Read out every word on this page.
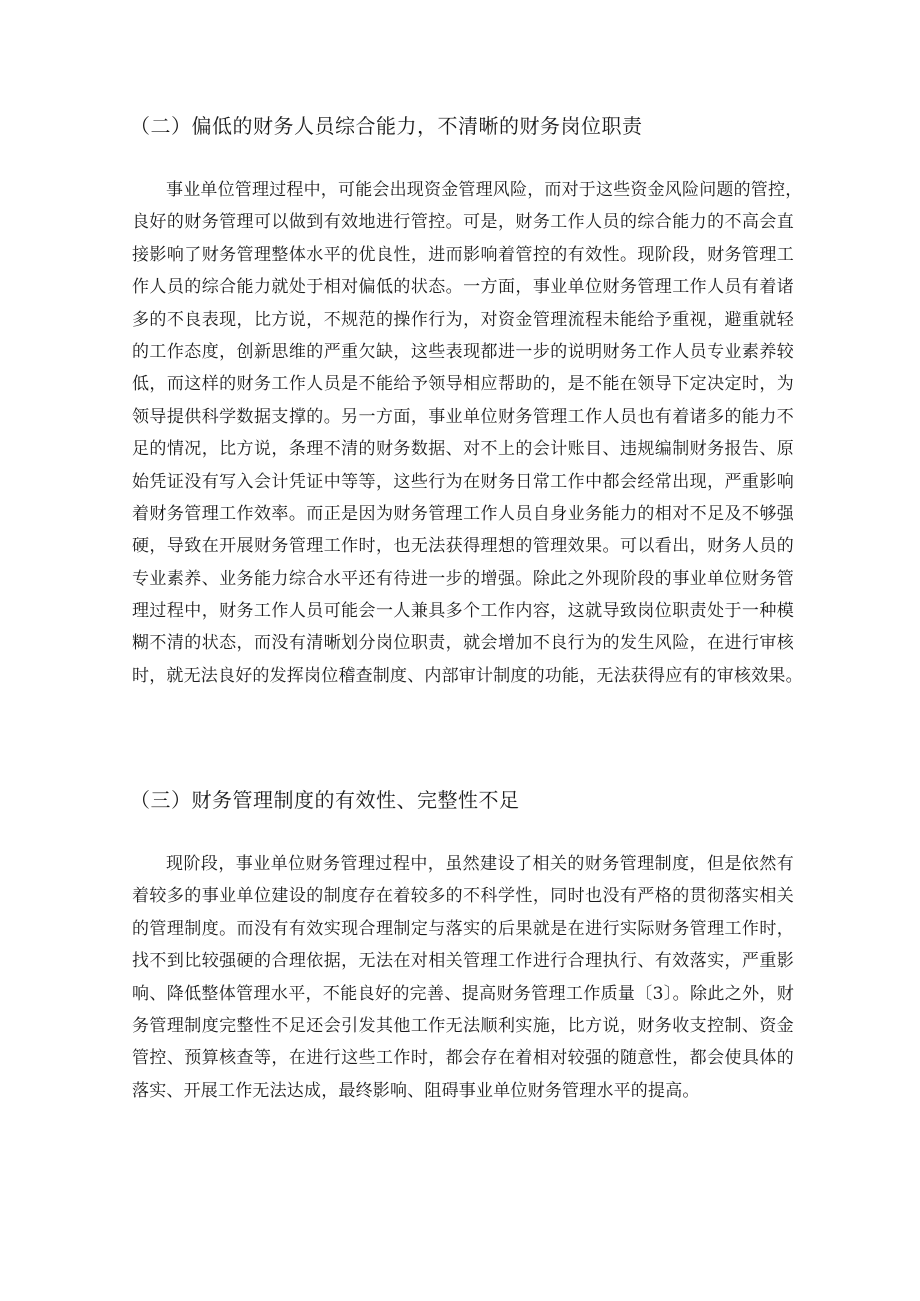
（二）偏低的财务人员综合能力，不清晰的财务岗位职责
事业单位管理过程中，可能会出现资金管理风险，而对于这些资金风险问题的管控，
良好的财务管理可以做到有效地进行管控。可是，财务工作人员的综合能力的不高会直
接影响了财务管理整体水平的优良性，进而影响着管控的有效性。现阶段，财务管理工
作人员的综合能力就处于相对偏低的状态。一方面，事业单位财务管理工作人员有着诸
多的不良表现，比方说，不规范的操作行为，对资金管理流程未能给予重视，避重就轻
的工作态度，创新思维的严重欠缺，这些表现都进一步的说明财务工作人员专业素养较
低，而这样的财务工作人员是不能给予领导相应帮助的，是不能在领导下定决定时，为
领导提供科学数据支撑的。另一方面，事业单位财务管理工作人员也有着诸多的能力不
足的情况，比方说，条理不清的财务数据、对不上的会计账目、违规编制财务报告、原
始凭证没有写入会计凭证中等等，这些行为在财务日常工作中都会经常出现，严重影响
着财务管理工作效率。而正是因为财务管理工作人员自身业务能力的相对不足及不够强
硬，导致在开展财务管理工作时，也无法获得理想的管理效果。可以看出，财务人员的
专业素养、业务能力综合水平还有待进一步的增强。除此之外现阶段的事业单位财务管
理过程中，财务工作人员可能会一人兼具多个工作内容，这就导致岗位职责处于一种模
糊不清的状态，而没有清晰划分岗位职责，就会增加不良行为的发生风险，在进行审核
时，就无法良好的发挥岗位稽查制度、内部审计制度的功能，无法获得应有的审核效果。
（三）财务管理制度的有效性、完整性不足
现阶段，事业单位财务管理过程中，虽然建设了相关的财务管理制度，但是依然有
着较多的事业单位建设的制度存在着较多的不科学性，同时也没有严格的贯彻落实相关
的管理制度。而没有有效实现合理制定与落实的后果就是在进行实际财务管理工作时，
找不到比较强硬的合理依据，无法在对相关管理工作进行合理执行、有效落实，严重影
响、降低整体管理水平，不能良好的完善、提高财务管理工作质量〔3〕。除此之外，财
务管理制度完整性不足还会引发其他工作无法顺利实施，比方说，财务收支控制、资金
管控、预算核查等，在进行这些工作时，都会存在着相对较强的随意性，都会使具体的
落实、开展工作无法达成，最终影响、阻碍事业单位财务管理水平的提高。
